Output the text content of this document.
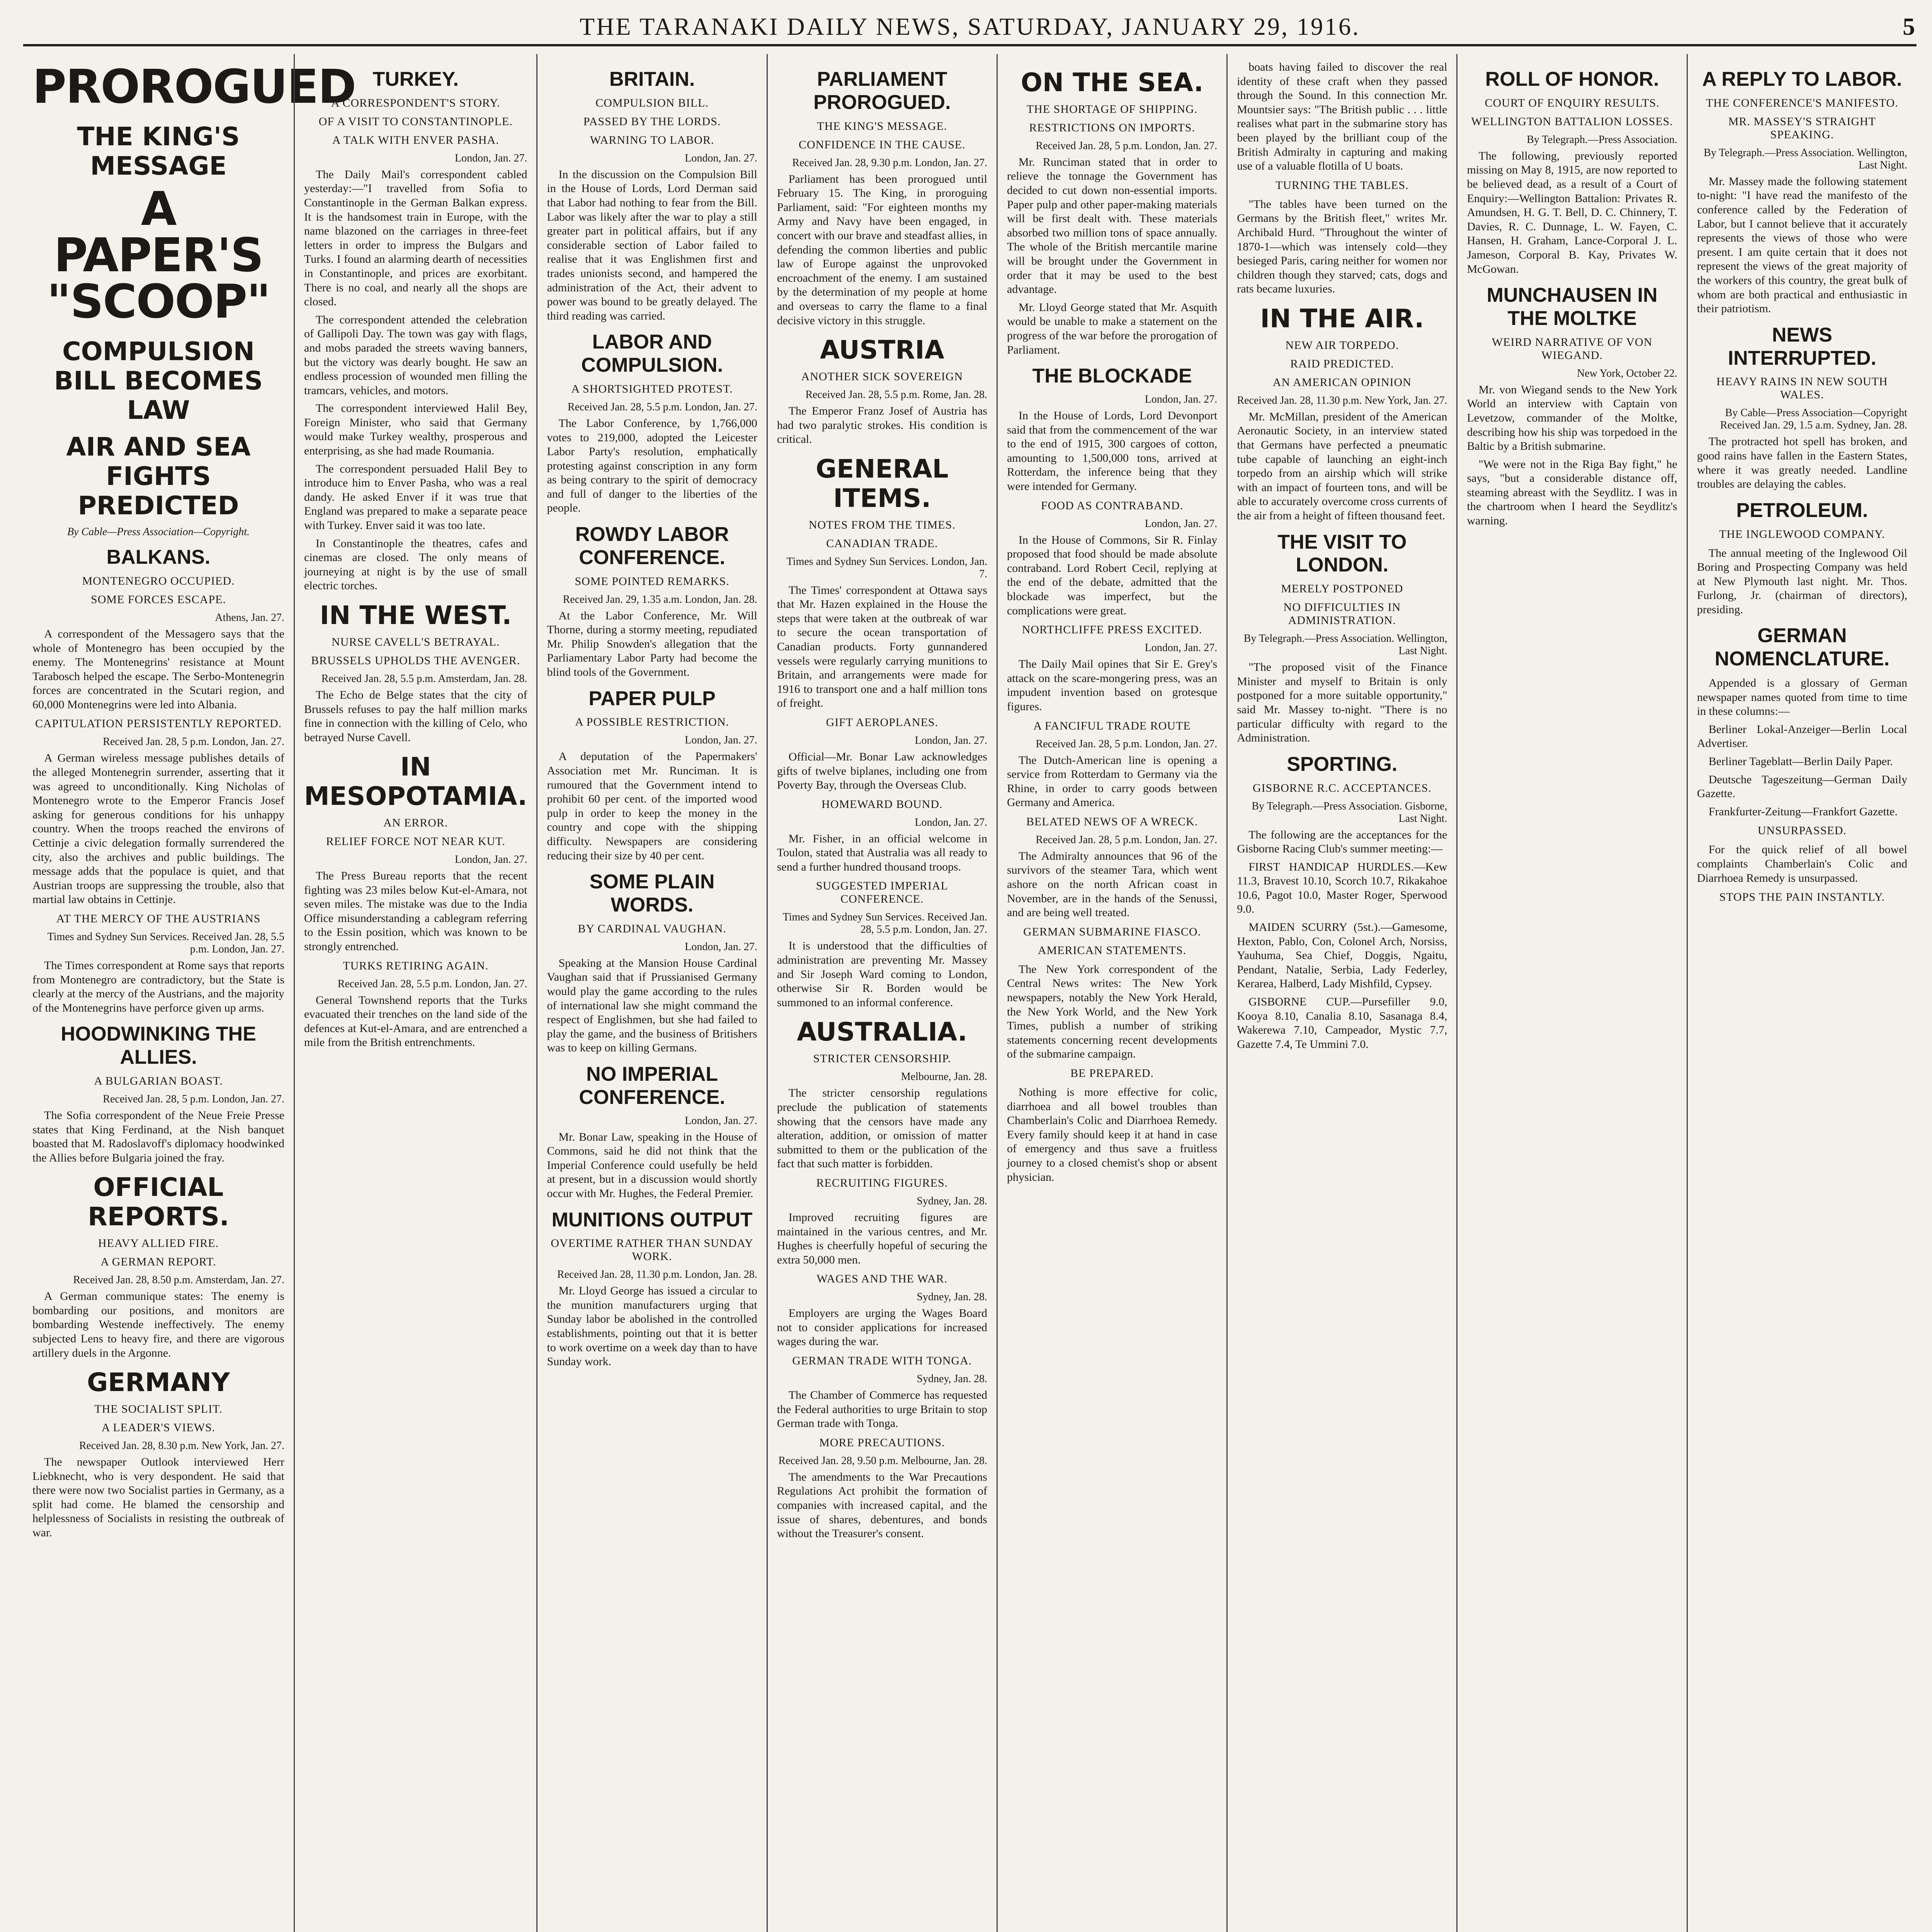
THE TARANAKI DAILY NEWS, SATURDAY, JANUARY 29, 1916.	5
PROROGUED
THE KING'S MESSAGE
A PAPER'S "SCOOP"
COMPULSION BILL BECOMES LAW
AIR AND SEA FIGHTS PREDICTED
By Cable—Press Association—Copyright.
BALKANS.
MONTENEGRO OCCUPIED.
SOME FORCES ESCAPE.
Athens, Jan. 27.

A correspondent of the Messagero says that the whole of Montenegro has been occupied by the enemy. The Montenegrins' resistance at Mount Tarabosch helped the escape. The Serbo-Montenegrin forces are concentrated in the Scutari region, and 60,000 Montenegrins were led into Albania.

CAPITULATION PERSISTENTLY REPORTED.
Received Jan. 28, 5 p.m. London, Jan. 27.

A German wireless message publishes details of the alleged Montenegrin surrender, asserting that it was agreed to unconditionally. King Nicholas of Montenegro wrote to the Emperor Francis Josef asking for generous conditions for his unhappy country. When the troops reached the environs of Cettinje a civic delegation formally surrendered the city, also the archives and public buildings. The message adds that the populace is quiet, and that Austrian troops are suppressing the trouble, also that martial law obtains in Cettinje.

AT THE MERCY OF THE AUSTRIANS
Times and Sydney Sun Services. Received Jan. 28, 5.5 p.m. London, Jan. 27.

The Times correspondent at Rome says that reports from Montenegro are contradictory, but the State is clearly at the mercy of the Austrians, and the majority of the Montenegrins have perforce given up arms.

HOODWINKING THE ALLIES.
A BULGARIAN BOAST.
Received Jan. 28, 5 p.m. London, Jan. 27.

The Sofia correspondent of the Neue Freie Presse states that King Ferdinand, at the Nish banquet boasted that M. Radoslavoff's diplomacy hoodwinked the Allies before Bulgaria joined the fray.

OFFICIAL REPORTS.
HEAVY ALLIED FIRE.
A GERMAN REPORT.
Received Jan. 28, 8.50 p.m. Amsterdam, Jan. 27.

A German communique states: The enemy is bombarding our positions, and monitors are bombarding Westende ineffectively. The enemy subjected Lens to heavy fire, and there are vigorous artillery duels in the Argonne.

GERMANY
THE SOCIALIST SPLIT.
A LEADER'S VIEWS.
Received Jan. 28, 8.30 p.m. New York, Jan. 27.

The newspaper Outlook interviewed Herr Liebknecht, who is very despondent. He said that there were now two Socialist parties in Germany, as a split had come. He blamed the censorship and helplessness of Socialists in resisting the outbreak of war.

TURKEY.
A CORRESPONDENT'S STORY.
OF A VISIT TO CONSTANTINOPLE.
A TALK WITH ENVER PASHA.
London, Jan. 27.

The Daily Mail's correspondent cabled yesterday:—"I travelled from Sofia to Constantinople in the German Balkan express. It is the handsomest train in Europe, with the name blazoned on the carriages in three-feet letters in order to impress the Bulgars and Turks. I found an alarming dearth of necessities in Constantinople, and prices are exorbitant. There is no coal, and nearly all the shops are closed.

The correspondent attended the celebration of Gallipoli Day. The town was gay with flags, and mobs paraded the streets waving banners, but the victory was dearly bought. He saw an endless procession of wounded men filling the tramcars, vehicles, and motors.

The correspondent interviewed Halil Bey, Foreign Minister, who said that Germany would make Turkey wealthy, prosperous and enterprising, as she had made Roumania.

The correspondent persuaded Halil Bey to introduce him to Enver Pasha, who was a real dandy. He asked Enver if it was true that England was prepared to make a separate peace with Turkey. Enver said it was too late.

In Constantinople the theatres, cafes and cinemas are closed. The only means of journeying at night is by the use of small electric torches.

IN THE WEST.
NURSE CAVELL'S BETRAYAL.
BRUSSELS UPHOLDS THE AVENGER.
Received Jan. 28, 5.5 p.m. Amsterdam, Jan. 28.

The Echo de Belge states that the city of Brussels refuses to pay the half million marks fine in connection with the killing of Celo, who betrayed Nurse Cavell.

IN MESOPOTAMIA.
AN ERROR.
RELIEF FORCE NOT NEAR KUT.
London, Jan. 27.

The Press Bureau reports that the recent fighting was 23 miles below Kut-el-Amara, not seven miles. The mistake was due to the India Office misunderstanding a cablegram referring to the Essin position, which was known to be strongly entrenched.

TURKS RETIRING AGAIN.
Received Jan. 28, 5.5 p.m. London, Jan. 27.

General Townshend reports that the Turks evacuated their trenches on the land side of the defences at Kut-el-Amara, and are entrenched a mile from the British entrenchments.

BRITAIN.
COMPULSION BILL.
PASSED BY THE LORDS.
WARNING TO LABOR.
London, Jan. 27.

In the discussion on the Compulsion Bill in the House of Lords, Lord Derman said that Labor had nothing to fear from the Bill. Labor was likely after the war to play a still greater part in political affairs, but if any considerable section of Labor failed to realise that it was Englishmen first and trades unionists second, and hampered the administration of the Act, their advent to power was bound to be greatly delayed. The third reading was carried.

LABOR AND COMPULSION.
A SHORTSIGHTED PROTEST.
Received Jan. 28, 5.5 p.m. London, Jan. 27.

The Labor Conference, by 1,766,000 votes to 219,000, adopted the Leicester Labor Party's resolution, emphatically protesting against conscription in any form as being contrary to the spirit of democracy and full of danger to the liberties of the people.

ROWDY LABOR CONFERENCE.
SOME POINTED REMARKS.
Received Jan. 29, 1.35 a.m. London, Jan. 28.

At the Labor Conference, Mr. Will Thorne, during a stormy meeting, repudiated Mr. Philip Snowden's allegation that the Parliamentary Labor Party had become the blind tools of the Government.

PAPER PULP
A POSSIBLE RESTRICTION.
London, Jan. 27.

A deputation of the Papermakers' Association met Mr. Runciman. It is rumoured that the Government intend to prohibit 60 per cent. of the imported wood pulp in order to keep the money in the country and cope with the shipping difficulty. Newspapers are considering reducing their size by 40 per cent.

SOME PLAIN WORDS.
BY CARDINAL VAUGHAN.
London, Jan. 27.

Speaking at the Mansion House Cardinal Vaughan said that if Prussianised Germany would play the game according to the rules of international law she might command the respect of Englishmen, but she had failed to play the game, and the business of Britishers was to keep on killing Germans.

NO IMPERIAL CONFERENCE.
London, Jan. 27.

Mr. Bonar Law, speaking in the House of Commons, said he did not think that the Imperial Conference could usefully be held at present, but in a discussion would shortly occur with Mr. Hughes, the Federal Premier.

MUNITIONS OUTPUT
OVERTIME RATHER THAN SUNDAY WORK.
Received Jan. 28, 11.30 p.m. London, Jan. 28.

Mr. Lloyd George has issued a circular to the munition manufacturers urging that Sunday labor be abolished in the controlled establishments, pointing out that it is better to work overtime on a week day than to have Sunday work.

PARLIAMENT PROROGUED.
THE KING'S MESSAGE.
CONFIDENCE IN THE CAUSE.
Received Jan. 28, 9.30 p.m. London, Jan. 27.

Parliament has been prorogued until February 15. The King, in proroguing Parliament, said: "For eighteen months my Army and Navy have been engaged, in concert with our brave and steadfast allies, in defending the common liberties and public law of Europe against the unprovoked encroachment of the enemy. I am sustained by the determination of my people at home and overseas to carry the flame to a final decisive victory in this struggle.

AUSTRIA
ANOTHER SICK SOVEREIGN
Received Jan. 28, 5.5 p.m. Rome, Jan. 28.

The Emperor Franz Josef of Austria has had two paralytic strokes. His condition is critical.

GENERAL ITEMS.
NOTES FROM THE TIMES.
CANADIAN TRADE.
Times and Sydney Sun Services. London, Jan. 7.

The Times' correspondent at Ottawa says that Mr. Hazen explained in the House the steps that were taken at the outbreak of war to secure the ocean transportation of Canadian products. Forty gunnandered vessels were regularly carrying munitions to Britain, and arrangements were made for 1916 to transport one and a half million tons of freight.

GIFT AEROPLANES.
London, Jan. 27.

Official—Mr. Bonar Law acknowledges gifts of twelve biplanes, including one from Poverty Bay, through the Overseas Club.

HOMEWARD BOUND.
London, Jan. 27.

Mr. Fisher, in an official welcome in Toulon, stated that Australia was all ready to send a further hundred thousand troops.

SUGGESTED IMPERIAL CONFERENCE.
Times and Sydney Sun Services. Received Jan. 28, 5.5 p.m. London, Jan. 27.

It is understood that the difficulties of administration are preventing Mr. Massey and Sir Joseph Ward coming to London, otherwise Sir R. Borden would be summoned to an informal conference.

AUSTRALIA.
STRICTER CENSORSHIP.
Melbourne, Jan. 28.

The stricter censorship regulations preclude the publication of statements showing that the censors have made any alteration, addition, or omission of matter submitted to them or the publication of the fact that such matter is forbidden.

RECRUITING FIGURES.
Sydney, Jan. 28.

Improved recruiting figures are maintained in the various centres, and Mr. Hughes is cheerfully hopeful of securing the extra 50,000 men.

WAGES AND THE WAR.
Sydney, Jan. 28.

Employers are urging the Wages Board not to consider applications for increased wages during the war.

GERMAN TRADE WITH TONGA.
Sydney, Jan. 28.

The Chamber of Commerce has requested the Federal authorities to urge Britain to stop German trade with Tonga.

MORE PRECAUTIONS.
Received Jan. 28, 9.50 p.m. Melbourne, Jan. 28.

The amendments to the War Precautions Regulations Act prohibit the formation of companies with increased capital, and the issue of shares, debentures, and bonds without the Treasurer's consent.

ON THE SEA.
THE SHORTAGE OF SHIPPING.
RESTRICTIONS ON IMPORTS.
Received Jan. 28, 5 p.m. London, Jan. 27.

Mr. Runciman stated that in order to relieve the tonnage the Government has decided to cut down non-essential imports. Paper pulp and other paper-making materials will be first dealt with. These materials absorbed two million tons of space annually. The whole of the British mercantile marine will be brought under the Government in order that it may be used to the best advantage.

Mr. Lloyd George stated that Mr. Asquith would be unable to make a statement on the progress of the war before the prorogation of Parliament.

THE BLOCKADE
London, Jan. 27.

In the House of Lords, Lord Devonport said that from the commencement of the war to the end of 1915, 300 cargoes of cotton, amounting to 1,500,000 tons, arrived at Rotterdam, the inference being that they were intended for Germany.

FOOD AS CONTRABAND.
London, Jan. 27.

In the House of Commons, Sir R. Finlay proposed that food should be made absolute contraband. Lord Robert Cecil, replying at the end of the debate, admitted that the blockade was imperfect, but the complications were great.

NORTHCLIFFE PRESS EXCITED.
London, Jan. 27.

The Daily Mail opines that Sir E. Grey's attack on the scare-mongering press, was an impudent invention based on grotesque figures.

A FANCIFUL TRADE ROUTE
Received Jan. 28, 5 p.m. London, Jan. 27.

The Dutch-American line is opening a service from Rotterdam to Germany via the Rhine, in order to carry goods between Germany and America.

BELATED NEWS OF A WRECK.
Received Jan. 28, 5 p.m. London, Jan. 27.

The Admiralty announces that 96 of the survivors of the steamer Tara, which went ashore on the north African coast in November, are in the hands of the Senussi, and are being well treated.

GERMAN SUBMARINE FIASCO.
AMERICAN STATEMENTS.

The New York correspondent of the Central News writes: The New York newspapers, notably the New York Herald, the New York World, and the New York Times, publish a number of striking statements concerning recent developments of the submarine campaign.

BE PREPARED.

Nothing is more effective for colic, diarrhoea and all bowel troubles than Chamberlain's Colic and Diarrhoea Remedy. Every family should keep it at hand in case of emergency and thus save a fruitless journey to a closed chemist's shop or absent physician.

boats having failed to discover the real identity of these craft when they passed through the Sound. In this connection Mr. Mountsier says: "The British public . . . little realises what part in the submarine story has been played by the brilliant coup of the British Admiralty in capturing and making use of a valuable flotilla of U boats.

TURNING THE TABLES.

"The tables have been turned on the Germans by the British fleet," writes Mr. Archibald Hurd. "Throughout the winter of 1870-1—which was intensely cold—they besieged Paris, caring neither for women nor children though they starved; cats, dogs and rats became luxuries.

IN THE AIR.
NEW AIR TORPEDO.
RAID PREDICTED.
AN AMERICAN OPINION
Received Jan. 28, 11.30 p.m. New York, Jan. 27.

Mr. McMillan, president of the American Aeronautic Society, in an interview stated that Germans have perfected a pneumatic tube capable of launching an eight-inch torpedo from an airship which will strike with an impact of fourteen tons, and will be able to accurately overcome cross currents of the air from a height of fifteen thousand feet.

THE VISIT TO LONDON.
MERELY POSTPONED
NO DIFFICULTIES IN ADMINISTRATION.
By Telegraph.—Press Association. Wellington, Last Night.

"The proposed visit of the Finance Minister and myself to Britain is only postponed for a more suitable opportunity," said Mr. Massey to-night. "There is no particular difficulty with regard to the Administration.

SPORTING.
GISBORNE R.C. ACCEPTANCES.
By Telegraph.—Press Association. Gisborne, Last Night.

The following are the acceptances for the Gisborne Racing Club's summer meeting:—

FIRST HANDICAP HURDLES.—Kew 11.3, Bravest 10.10, Scorch 10.7, Rikakahoe 10.6, Pagot 10.0, Master Roger, Sperwood 9.0.

MAIDEN SCURRY (5st.).—Gamesome, Hexton, Pablo, Con, Colonel Arch, Norsiss, Yauhuma, Sea Chief, Doggis, Ngaitu, Pendant, Natalie, Serbia, Lady Federley, Kerarea, Halberd, Lady Mishfild, Cypsey.

GISBORNE CUP.—Pursefiller 9.0, Kooya 8.10, Canalia 8.10, Sasanaga 8.4, Wakerewa 7.10, Campeador, Mystic 7.7, Gazette 7.4, Te Ummini 7.0.

ROLL OF HONOR.
COURT OF ENQUIRY RESULTS.
WELLINGTON BATTALION LOSSES.
By Telegraph.—Press Association.

The following, previously reported missing on May 8, 1915, are now reported to be believed dead, as a result of a Court of Enquiry:—Wellington Battalion: Privates R. Amundsen, H. G. T. Bell, D. C. Chinnery, T. Davies, R. C. Dunnage, L. W. Fayen, C. Hansen, H. Graham, Lance-Corporal J. L. Jameson, Corporal B. Kay, Privates W. McGowan.

MUNCHAUSEN IN THE MOLTKE
WEIRD NARRATIVE OF VON WIEGAND.
New York, October 22.

Mr. von Wiegand sends to the New York World an interview with Captain von Levetzow, commander of the Moltke, describing how his ship was torpedoed in the Baltic by a British submarine.

"We were not in the Riga Bay fight," he says, "but a considerable distance off, steaming abreast with the Seydlitz. I was in the chartroom when I heard the Seydlitz's warning.

A REPLY TO LABOR.
THE CONFERENCE'S MANIFESTO.
MR. MASSEY'S STRAIGHT SPEAKING.
By Telegraph.—Press Association. Wellington, Last Night.

Mr. Massey made the following statement to-night: "I have read the manifesto of the conference called by the Federation of Labor, but I cannot believe that it accurately represents the views of those who were present. I am quite certain that it does not represent the views of the great majority of the workers of this country, the great bulk of whom are both practical and enthusiastic in their patriotism.

NEWS INTERRUPTED.
HEAVY RAINS IN NEW SOUTH WALES.
By Cable—Press Association—Copyright Received Jan. 29, 1.5 a.m. Sydney, Jan. 28.

The protracted hot spell has broken, and good rains have fallen in the Eastern States, where it was greatly needed. Landline troubles are delaying the cables.

PETROLEUM.
THE INGLEWOOD COMPANY.

The annual meeting of the Inglewood Oil Boring and Prospecting Company was held at New Plymouth last night. Mr. Thos. Furlong, Jr. (chairman of directors), presiding.

GERMAN NOMENCLATURE.

Appended is a glossary of German newspaper names quoted from time to time in these columns:—

Berliner Lokal-Anzeiger—Berlin Local Advertiser.

Berliner Tageblatt—Berlin Daily Paper.

Deutsche Tageszeitung—German Daily Gazette.

Frankfurter-Zeitung—Frankfort Gazette.

UNSURPASSED.

For the quick relief of all bowel complaints Chamberlain's Colic and Diarrhoea Remedy is unsurpassed.

STOPS THE PAIN INSTANTLY.
